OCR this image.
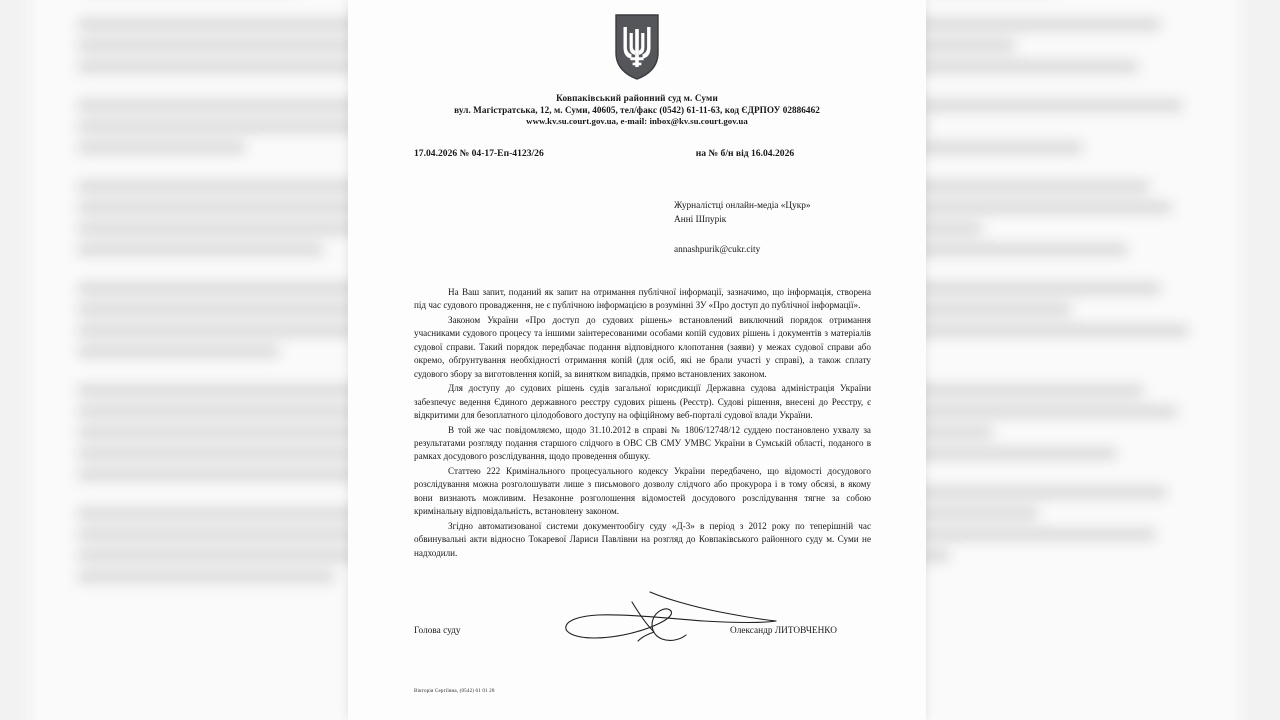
Ковпаківський районний суд м. Суми
вул. Магістратська, 12, м. Суми, 40605, тел/факс (0542) 61-11-63, код ЄДРПОУ 02886462
www.kv.su.court.gov.ua, e-mail: inbox@kv.su.court.gov.ua
17.04.2026 № 04-17-Еп-4123/26	на № б/н від 16.04.2026
Журналістці онлайн-медіа «Цукр»
Анні Шпурік
annashpurik@cukr.city

На Ваш запит, поданий як запит на отримання публічної інформації, зазначимо, що інформація, створена під час судового провадження, не є публічною інформацією в розумінні ЗУ «Про доступ до публічної інформації».

Законом України «Про доступ до судових рішень» встановлений виключний порядок отримання учасниками судового процесу та іншими заінтересованими особами копій судових рішень і документів з матеріалів судової справи. Такий порядок передбачає подання відповідного клопотання (заяви) у межах судової справи або окремо, обґрунтування необхідності отримання копій (для осіб, які не брали участі у справі), а також сплату судового збору за виготовлення копій, за винятком випадків, прямо встановлених законом.

Для доступу до судових рішень судів загальної юрисдикції Державна судова адміністрація України забезпечує ведення Єдиного державного реєстру судових рішень (Реєстр). Судові рішення, внесені до Реєстру, є відкритими для безоплатного цілодобового доступу на офіційному веб-порталі судової влади України.

В той же час повідомляємо, щодо 31.10.2012 в справі № 1806/12748/12 суддею постановлено ухвалу за результатами розгляду подання старшого слідчого в ОВС СВ СМУ УМВС України в Сумській області, поданого в рамках досудового розслідування, щодо проведення обшуку.

Статтею 222 Кримінального процесуального кодексу України передбачено, що відомості досудового розслідування можна розголошувати лише з письмового дозволу слідчого або прокурора і в тому обсязі, в якому вони визнають можливим. Незаконне розголошення відомостей досудового розслідування тягне за собою кримінальну відповідальність, встановлену законом.

Згідно автоматизованої системи документообігу суду «Д-3» в період з 2012 року по теперішній час обвинувальні акти відносно Токаревої Лариси Павлівни на розгляд до Ковпаківського районного суду м. Суми не надходили.

Голова суду	Олександр ЛИТОВЧЕНКО
Вікторія Сергіївна, (0542) 61 01 28
